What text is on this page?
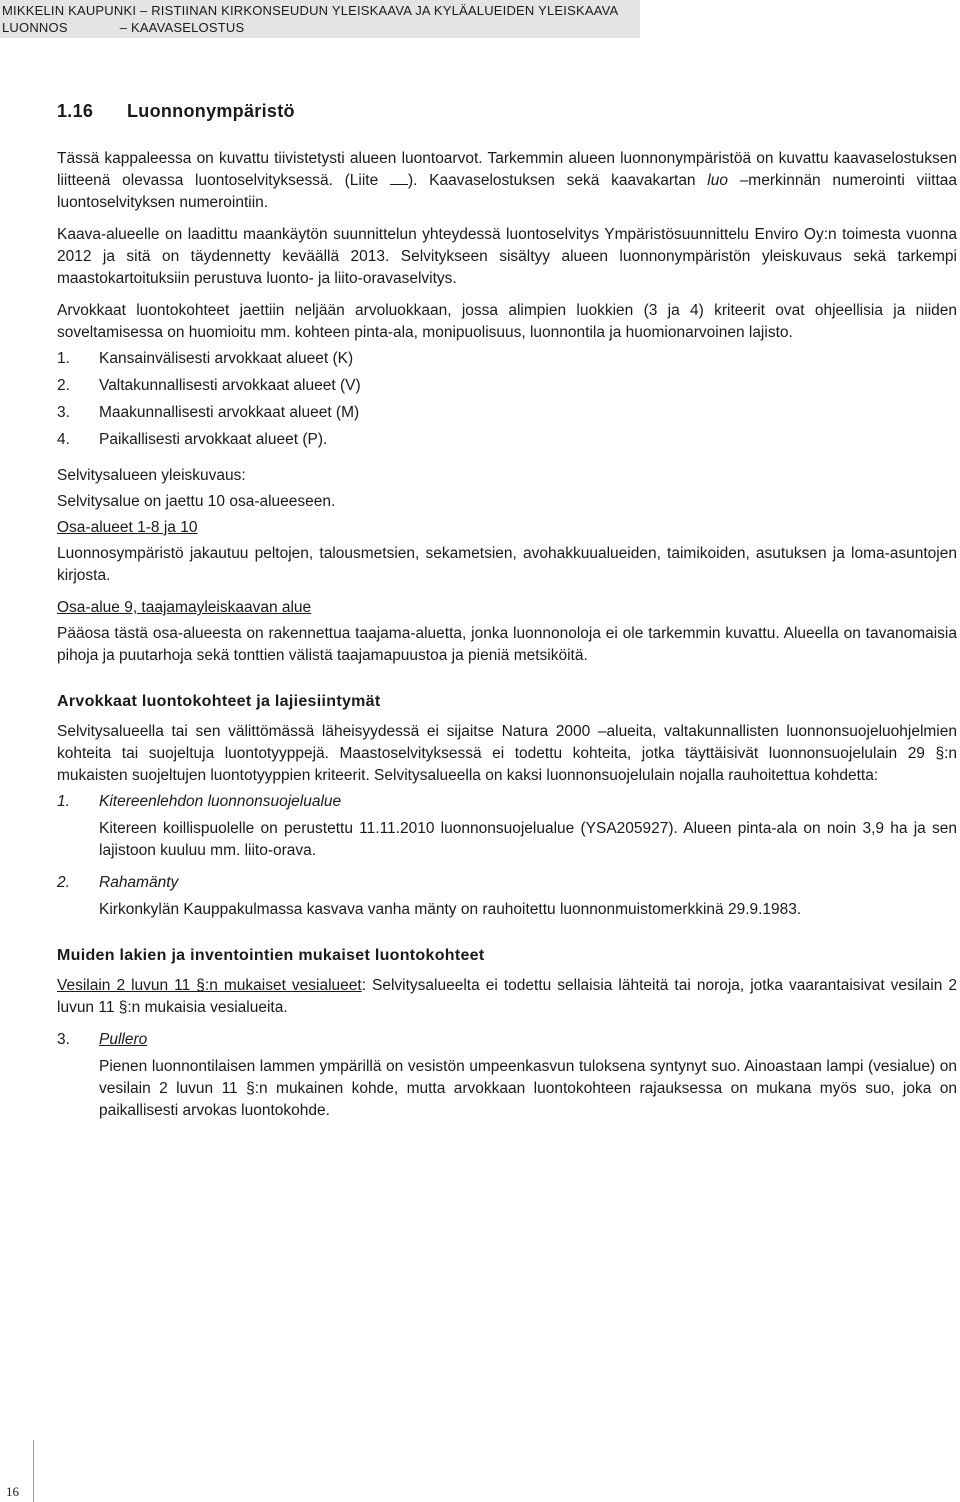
MIKKELIN KAUPUNKI – RISTIINAN KIRKONSEUDUN YLEISKAAVA JA KYLÄALUEIDEN YLEISKAAVA
LUONNOS	– KAAVASELOSTUS
1.16 Luonnonympäristö

Tässä kappaleessa on kuvattu tiivistetysti alueen luontoarvot. Tarkemmin alueen luonnonympäristöä on kuvattu kaavaselostuksen liitteenä olevassa luontoselvityksessä. (Liite ). Kaavaselostuksen sekä kaavakartan luo –merkinnän numerointi viittaa luontoselvityksen numerointiin.

Kaava-alueelle on laadittu maankäytön suunnittelun yhteydessä luontoselvitys Ympäristösuunnittelu Enviro Oy:n toimesta vuonna 2012 ja sitä on täydennetty keväällä 2013. Selvitykseen sisältyy alueen luonnonympäristön yleiskuvaus sekä tarkempi maastokartoituksiin perustuva luonto- ja liito-oravaselvitys.

Arvokkaat luontokohteet jaettiin neljään arvoluokkaan, jossa alimpien luokkien (3 ja 4) kriteerit ovat ohjeellisia ja niiden soveltamisessa on huomioitu mm. kohteen pinta-ala, monipuolisuus, luonnontila ja huomionarvoinen lajisto.

1.	Kansainvälisesti arvokkaat alueet (K)
2.	Valtakunnallisesti arvokkaat alueet (V)
3.	Maakunnallisesti arvokkaat alueet (M)
4.	Paikallisesti arvokkaat alueet (P).

Selvitysalueen yleiskuvaus:

Selvitysalue on jaettu 10 osa-alueeseen.

Osa-alueet 1-8 ja 10

Luonnosympäristö jakautuu peltojen, talousmetsien, sekametsien, avohakkuualueiden, taimikoiden, asutuksen ja loma-asuntojen kirjosta.

Osa-alue 9, taajamayleiskaavan alue

Pääosa tästä osa-alueesta on rakennettua taajama-aluetta, jonka luonnonoloja ei ole tarkemmin kuvattu. Alueella on tavanomaisia pihoja ja puutarhoja sekä tonttien välistä taajamapuustoa ja pieniä metsiköitä.

Arvokkaat luontokohteet ja lajiesiintymät

Selvitysalueella tai sen välittömässä läheisyydessä ei sijaitse Natura 2000 –alueita, valtakunnallisten luonnonsuojeluohjelmien kohteita tai suojeltuja luontotyyppejä. Maastoselvityksessä ei todettu kohteita, jotka täyttäisivät luonnonsuojelulain 29 §:n mukaisten suojeltujen luontotyyppien kriteerit. Selvitysalueella on kaksi luonnonsuojelulain nojalla rauhoitettua kohdetta:

1.	Kitereenlehdon luonnonsuojelualue

Kitereen koillispuolelle on perustettu 11.11.2010 luonnonsuojelualue (YSA205927). Alueen pinta-ala on noin 3,9 ha ja sen lajistoon kuuluu mm. liito-orava.

2.	Rahamänty

Kirkonkylän Kauppakulmassa kasvava vanha mänty on rauhoitettu luonnonmuistomerkkinä 29.9.1983.

Muiden lakien ja inventointien mukaiset luontokohteet

Vesilain 2 luvun 11 §:n mukaiset vesialueet: Selvitysalueelta ei todettu sellaisia lähteitä tai noroja, jotka vaarantaisivat vesilain 2 luvun 11 §:n mukaisia vesialueita.

3.	Pullero

Pienen luonnontilaisen lammen ympärillä on vesistön umpeenkasvun tuloksena syntynyt suo. Ainoastaan lampi (vesialue) on vesilain 2 luvun 11 §:n mukainen kohde, mutta arvokkaan luontokohteen rajauksessa on mukana myös suo, joka on paikallisesti arvokas luontokohde.

16
